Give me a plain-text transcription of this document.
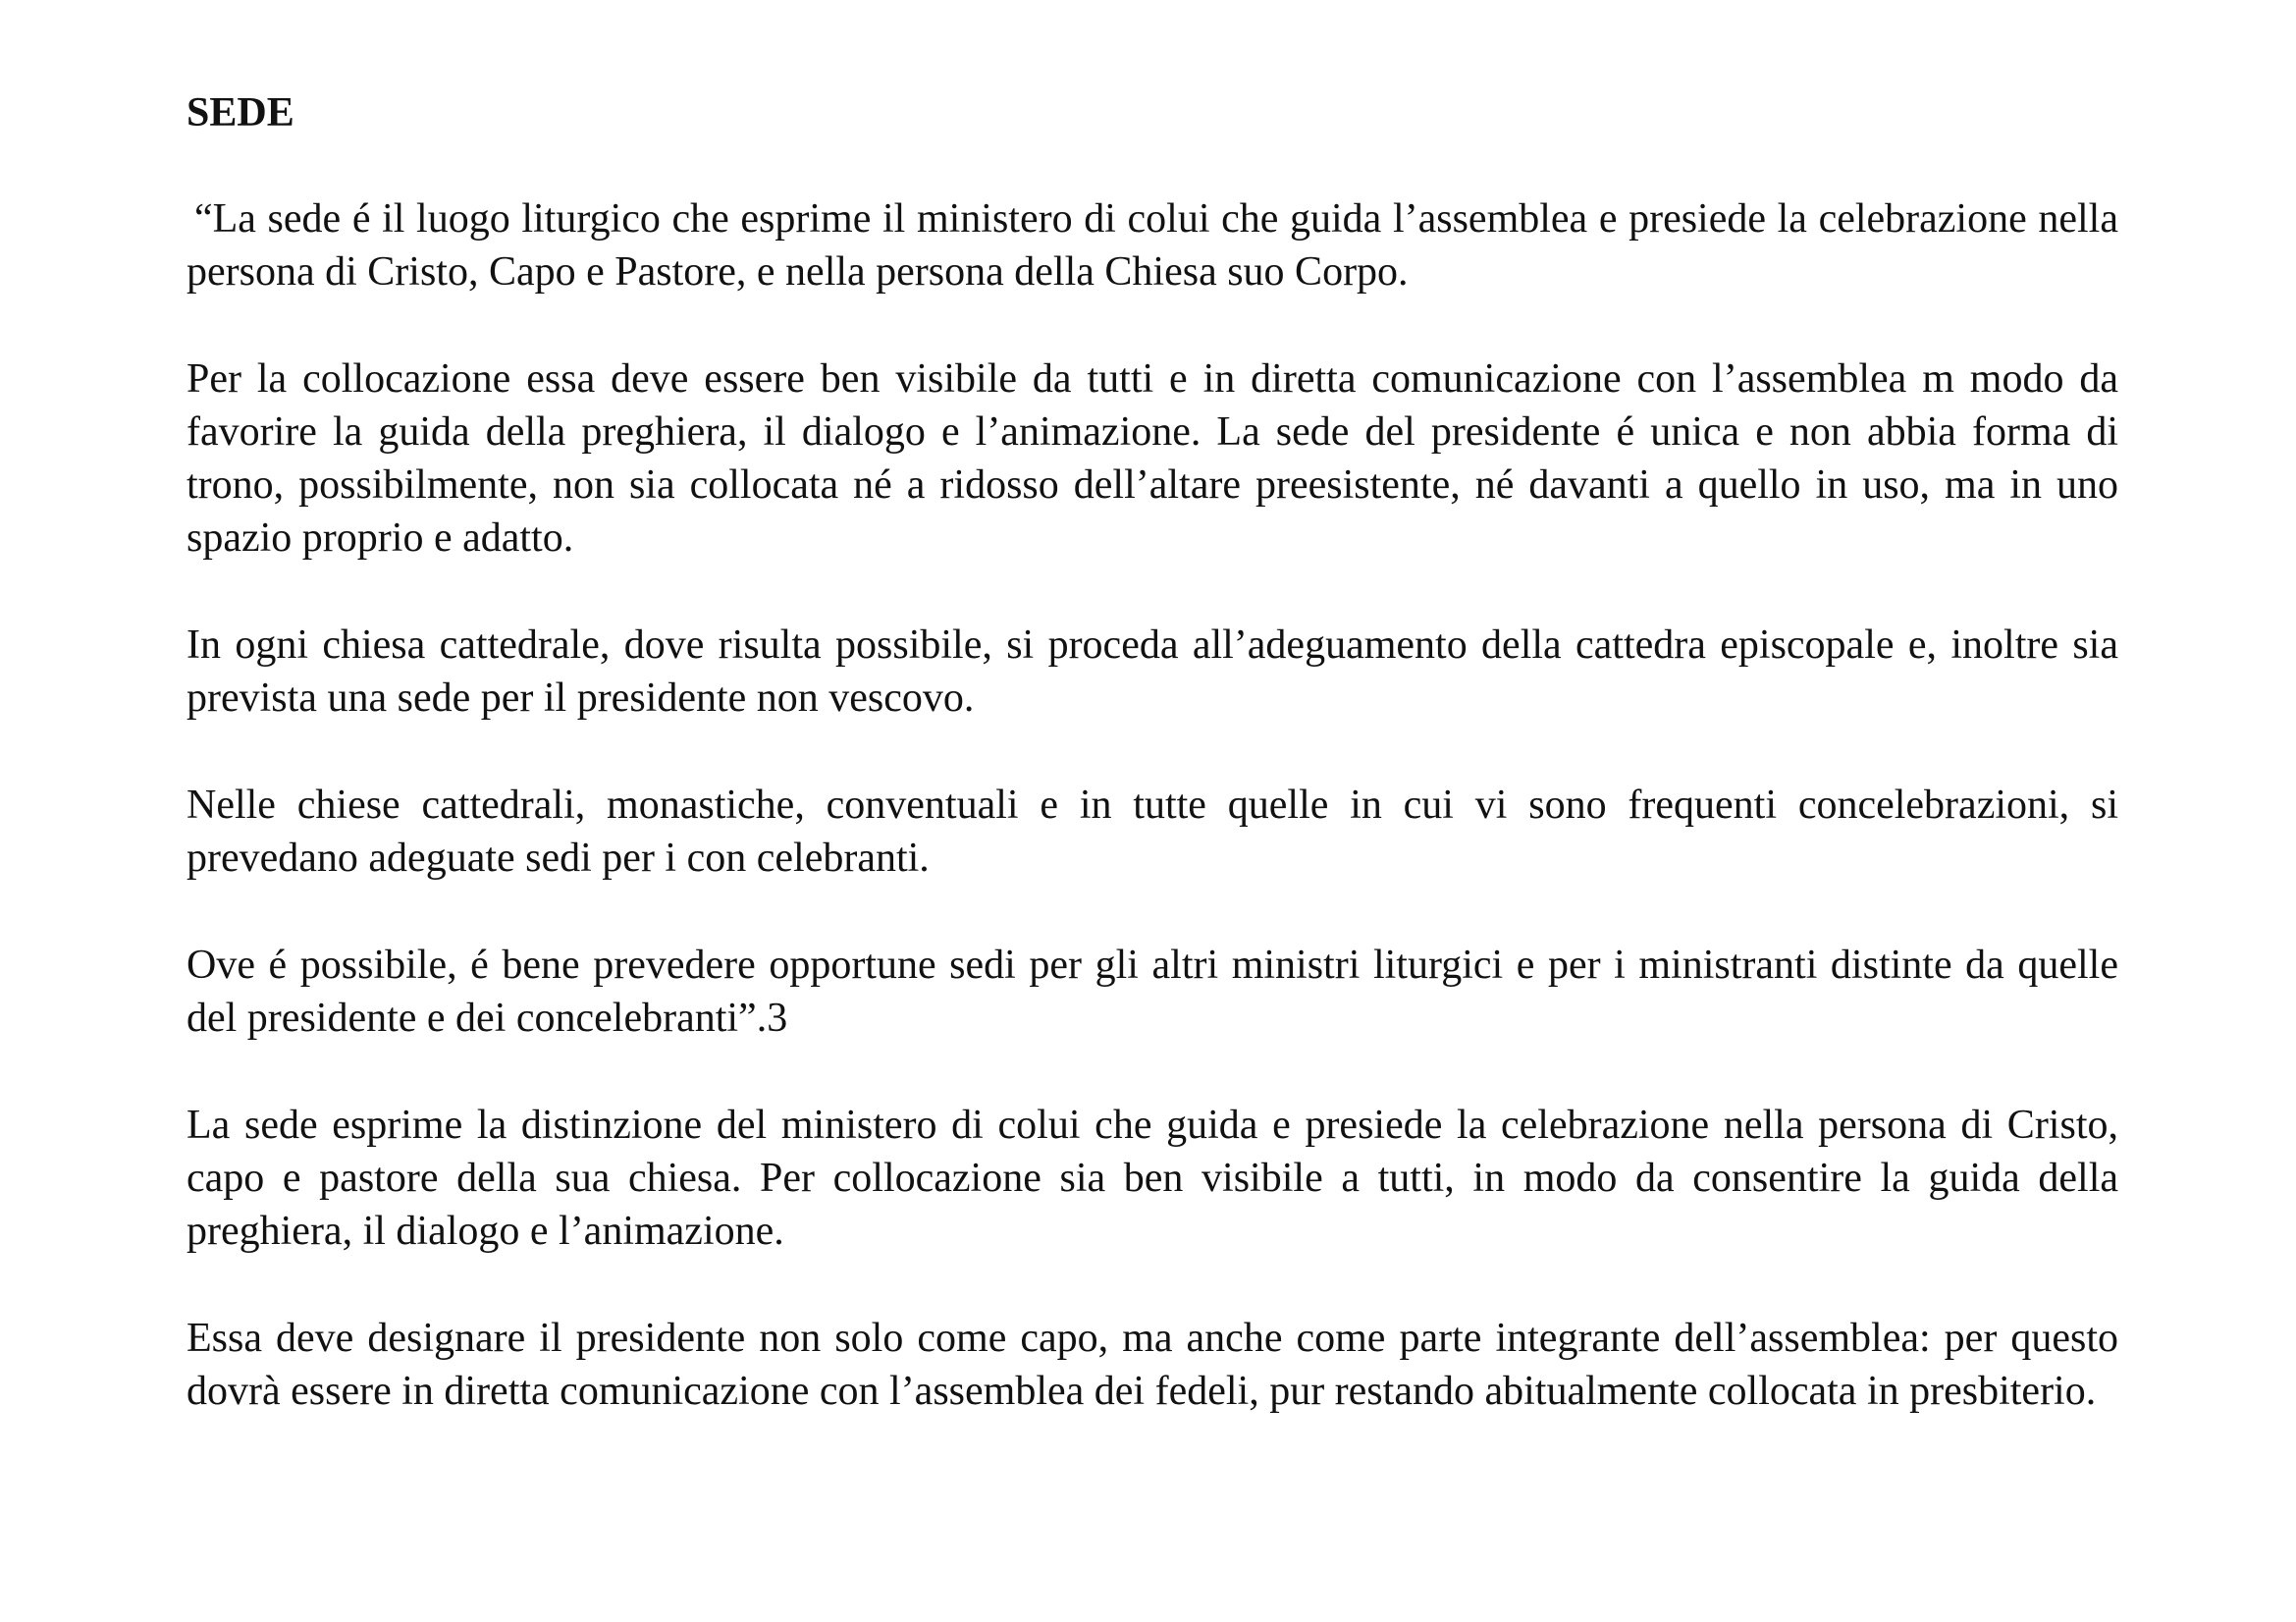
SEDE

“La sede é il luogo liturgico che esprime il ministero di colui che guida l’assemblea e presiede la celebrazione nella persona di Cristo, Capo e Pastore, e nella persona della Chiesa suo Corpo.

Per la collocazione essa deve essere ben visibile da tutti e in diretta comunicazione con l’assemblea m modo da favorire la guida della preghiera, il dialogo e l’animazione. La sede del presidente é unica e non abbia forma di trono, possibilmente, non sia collocata né a ridosso dell’altare preesistente, né davanti a quello in uso, ma in uno spazio proprio e adatto.

In ogni chiesa cattedrale, dove risulta possibile, si proceda all’adeguamento della cattedra episcopale e, inoltre sia prevista una sede per il presidente non vescovo.

Nelle chiese cattedrali, monastiche, conventuali e in tutte quelle in cui vi sono frequenti concelebrazioni, si prevedano adeguate sedi per i con celebranti.

Ove é possibile, é bene prevedere opportune sedi per gli altri ministri liturgici e per i ministranti distinte da quelle del presidente e dei concelebranti”.3

La sede esprime la distinzione del ministero di colui che guida e presiede la celebrazione nella persona di Cristo, capo e pastore della sua chiesa. Per collocazione sia ben visibile a tutti, in modo da consentire la guida della preghiera, il dialogo e l’animazione.

Essa deve designare il presidente non solo come capo, ma anche come parte integrante dell’assemblea: per questo dovrà essere in diretta comunicazione con l’assemblea dei fedeli, pur restando abitualmente collocata in presbiterio.
